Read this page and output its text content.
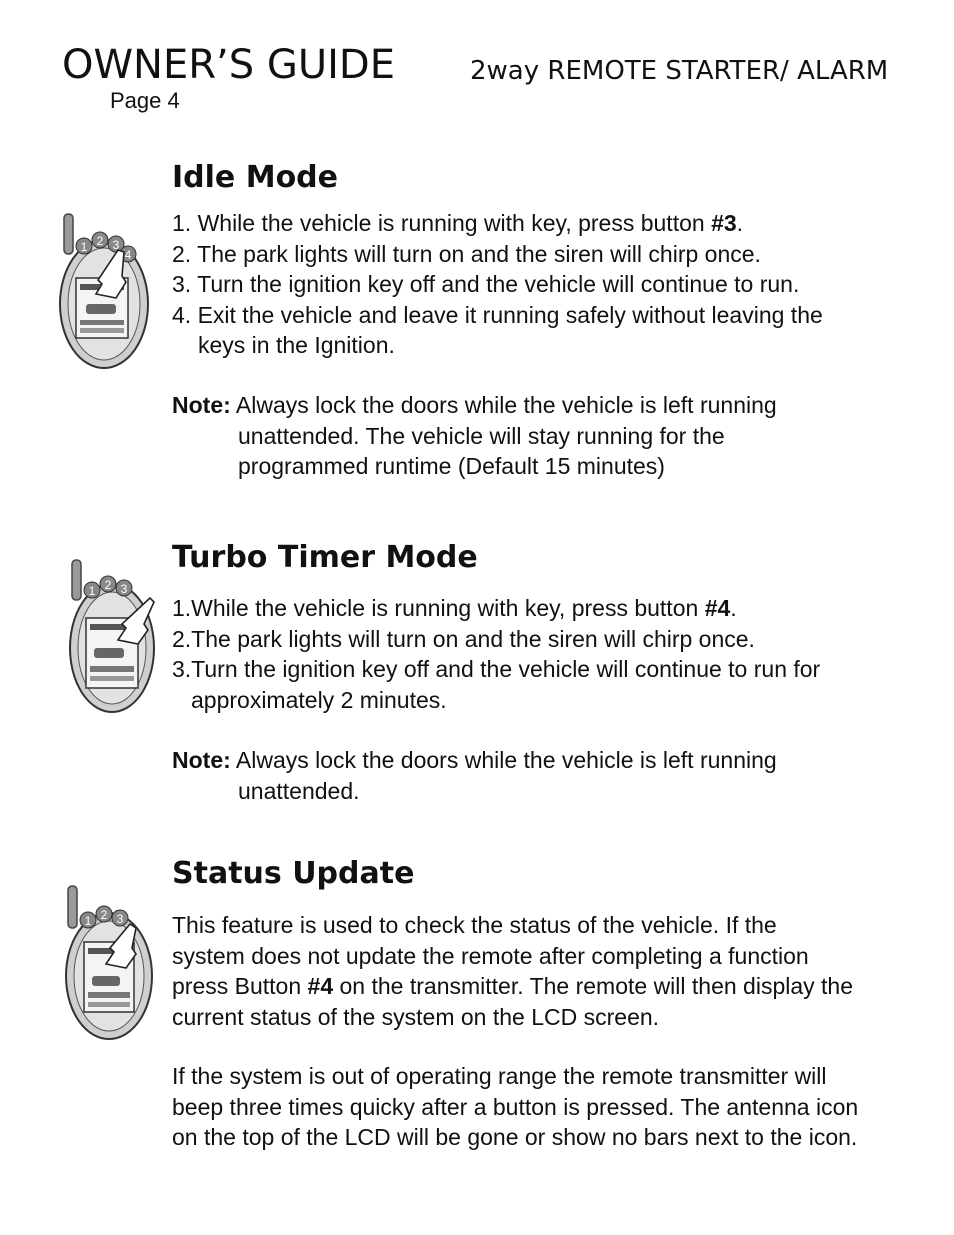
OWNER’S GUIDE	2way REMOTE STARTER/ ALARM
Page 4
1 2 3
4
Idle Mode
1. While the vehicle is running with key, press button #3.
2. The park lights will turn on and the siren will chirp once.
3. Turn the ignition key off and the vehicle will continue to run.
4. Exit the vehicle and leave it running safely without leaving the
keys in the Ignition.
Note: Always lock the doors while the vehicle is left running
unattended. The vehicle will stay running for the
programmed runtime (Default 15 minutes)
1 2 3
Turbo Timer Mode
1.While the vehicle is running with key, press button #4.
2.The park lights will turn on and the siren will chirp once.
3.Turn the ignition key off and the vehicle will continue to run for
approximately 2 minutes.
Note: Always lock the doors while the vehicle is left running
unattended.
1 2 3
Status Update
This feature is used to check the status of the vehicle. If the
system does not update the remote after completing a function
press Button #4 on the transmitter. The remote will then display the
current status of the system on the LCD screen.
If the system is out of operating range the remote transmitter will
beep three times quicky after a button is pressed. The antenna icon
on the top of the LCD will be gone or show no bars next to the icon.
